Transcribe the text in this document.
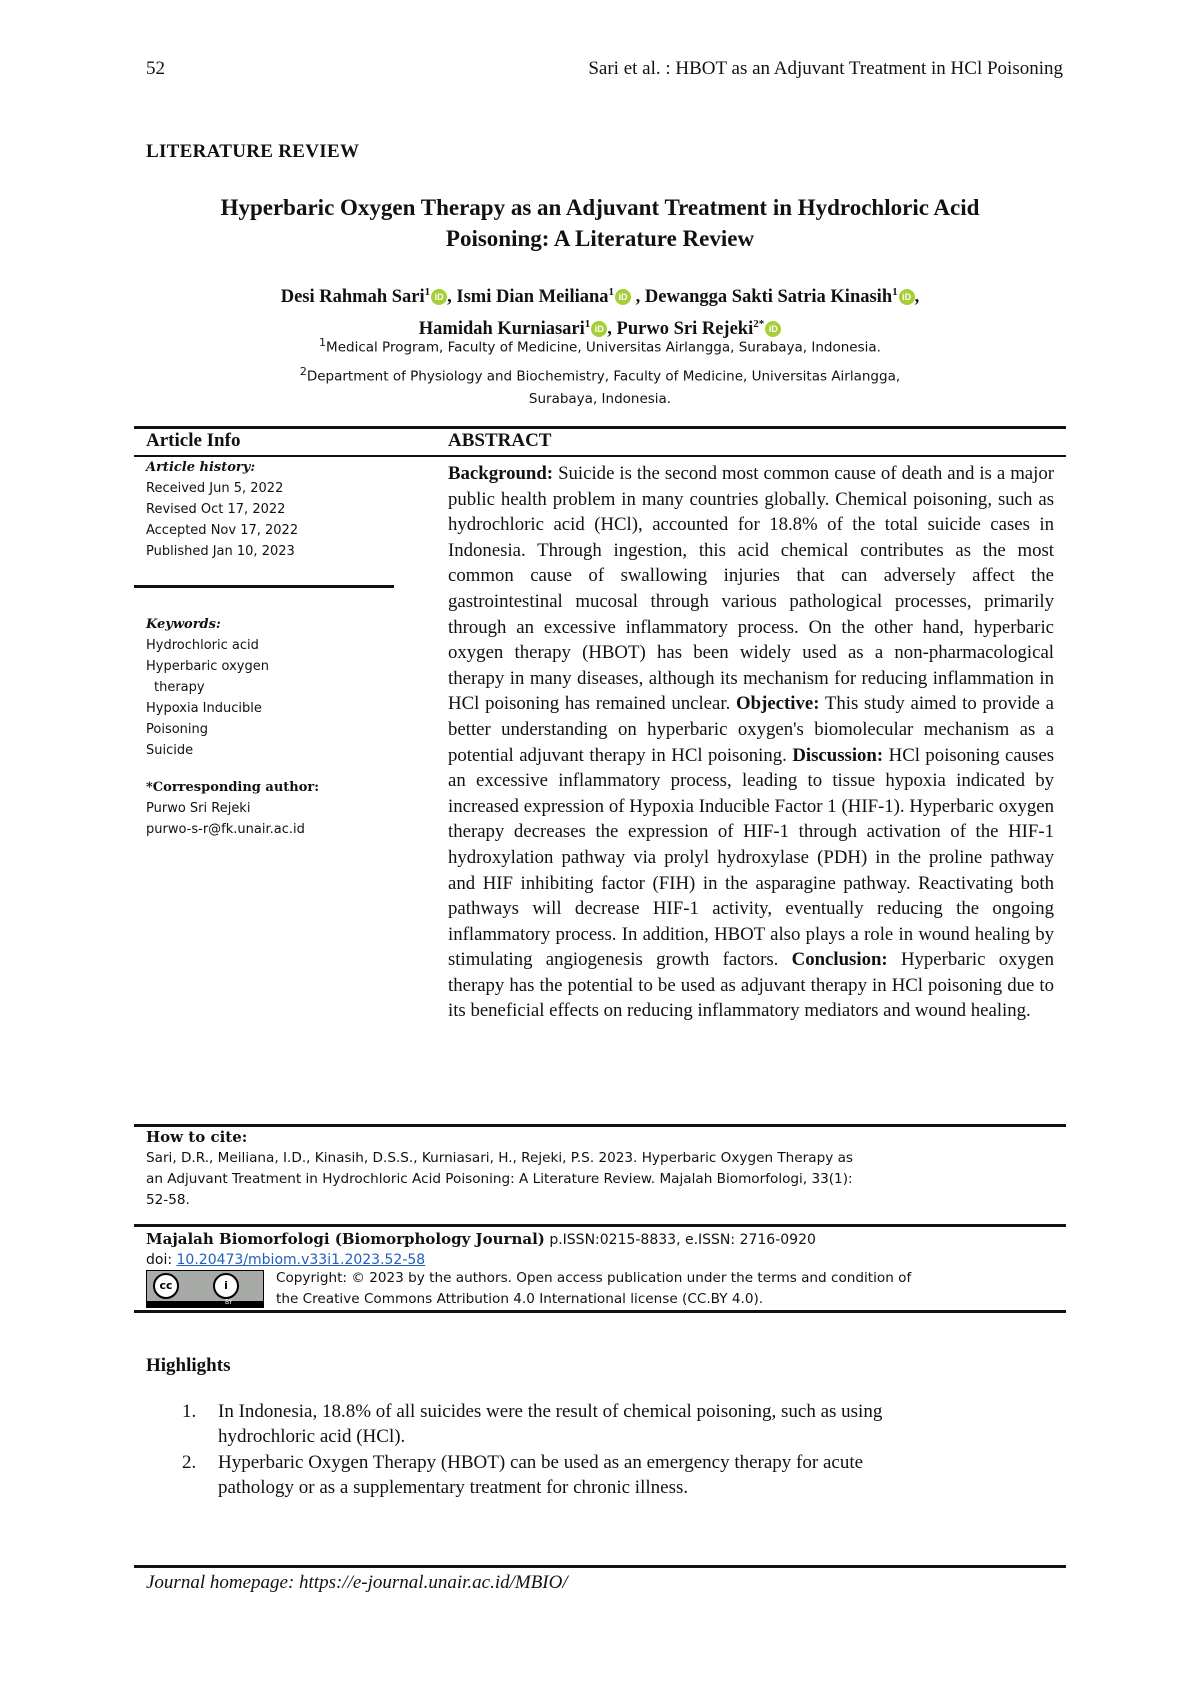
52	Sari et al. : HBOT as an Adjuvant Treatment in HCl Poisoning
LITERATURE REVIEW
Hyperbaric Oxygen Therapy as an Adjuvant Treatment in Hydrochloric Acid
Poisoning: A Literature Review
Desi Rahmah Sari$^1$ iD , Ismi Dian Meiliana$^1$ iD , Dewangga Sakti Satria Kinasih$^1$ iD ,
Hamidah Kurniasari$^1$ iD , Purwo Sri Rejeki$^{2*}$ iD
$^1$Medical Program, Faculty of Medicine, Universitas Airlangga, Surabaya, Indonesia.
$^2$Department of Physiology and Biochemistry, Faculty of Medicine, Universitas Airlangga,
Surabaya, Indonesia.
Article Info	ABSTRACT
Article history:
Received Jun 5, 2022
Revised Oct 17, 2022
Accepted Nov 17, 2022
Published Jan 10, 2023
Keywords:
Hydrochloric acid
Hyperbaric oxygen
therapy
Hypoxia Inducible
Poisoning
Suicide
*Corresponding author:
Purwo Sri Rejeki
purwo-s-r@fk.unair.ac.id
Background: Suicide is the second most common cause of death and is a major public health problem in many countries globally. Chemical poisoning, such as hydrochloric acid (HCl), accounted for 18.8% of the total suicide cases in Indonesia. Through ingestion, this acid chemical contributes as the most common cause of swallowing injuries that can adversely affect the gastrointestinal mucosal through various pathological processes, primarily through an excessive inflammatory process. On the other hand, hyperbaric oxygen therapy (HBOT) has been widely used as a non-pharmacological therapy in many diseases, although its mechanism for reducing inflammation in HCl poisoning has remained unclear. Objective: This study aimed to provide a better understanding on hyperbaric oxygen's biomolecular mechanism as a potential adjuvant therapy in HCl poisoning. Discussion: HCl poisoning causes an excessive inflammatory process, leading to tissue hypoxia indicated by increased expression of Hypoxia Inducible Factor 1 (HIF-1). Hyperbaric oxygen therapy decreases the expression of HIF-1 through activation of the HIF-1 hydroxylation pathway via prolyl hydroxylase (PDH) in the proline pathway and HIF inhibiting factor (FIH) in the asparagine pathway. Reactivating both pathways will decrease HIF-1 activity, eventually reducing the ongoing inflammatory process. In addition, HBOT also plays a role in wound healing by stimulating angiogenesis growth factors. Conclusion: Hyperbaric oxygen therapy has the potential to be used as adjuvant therapy in HCl poisoning due to its beneficial effects on reducing inflammatory mediators and wound healing.
How to cite:
Sari, D.R., Meiliana, I.D., Kinasih, D.S.S., Kurniasari, H., Rejeki, P.S. 2023. Hyperbaric Oxygen Therapy as
an Adjuvant Treatment in Hydrochloric Acid Poisoning: A Literature Review. Majalah Biomorfologi, 33(1):
52-58.
Majalah Biomorfologi (Biomorphology Journal) p.ISSN:0215-8833, e.ISSN: 2716-0920
doi: 10.20473/mbiom.v33i1.2023.52-58
cc	i
BY
Copyright: © 2023 by the authors. Open access publication under the terms and condition of
the Creative Commons Attribution 4.0 International license (CC.BY 4.0).
Highlights
1. In Indonesia, 18.8% of all suicides were the result of chemical poisoning, such as using
hydrochloric acid (HCl).
2. Hyperbaric Oxygen Therapy (HBOT) can be used as an emergency therapy for acute
pathology or as a supplementary treatment for chronic illness.
Journal homepage: https://e-journal.unair.ac.id/MBIO/
